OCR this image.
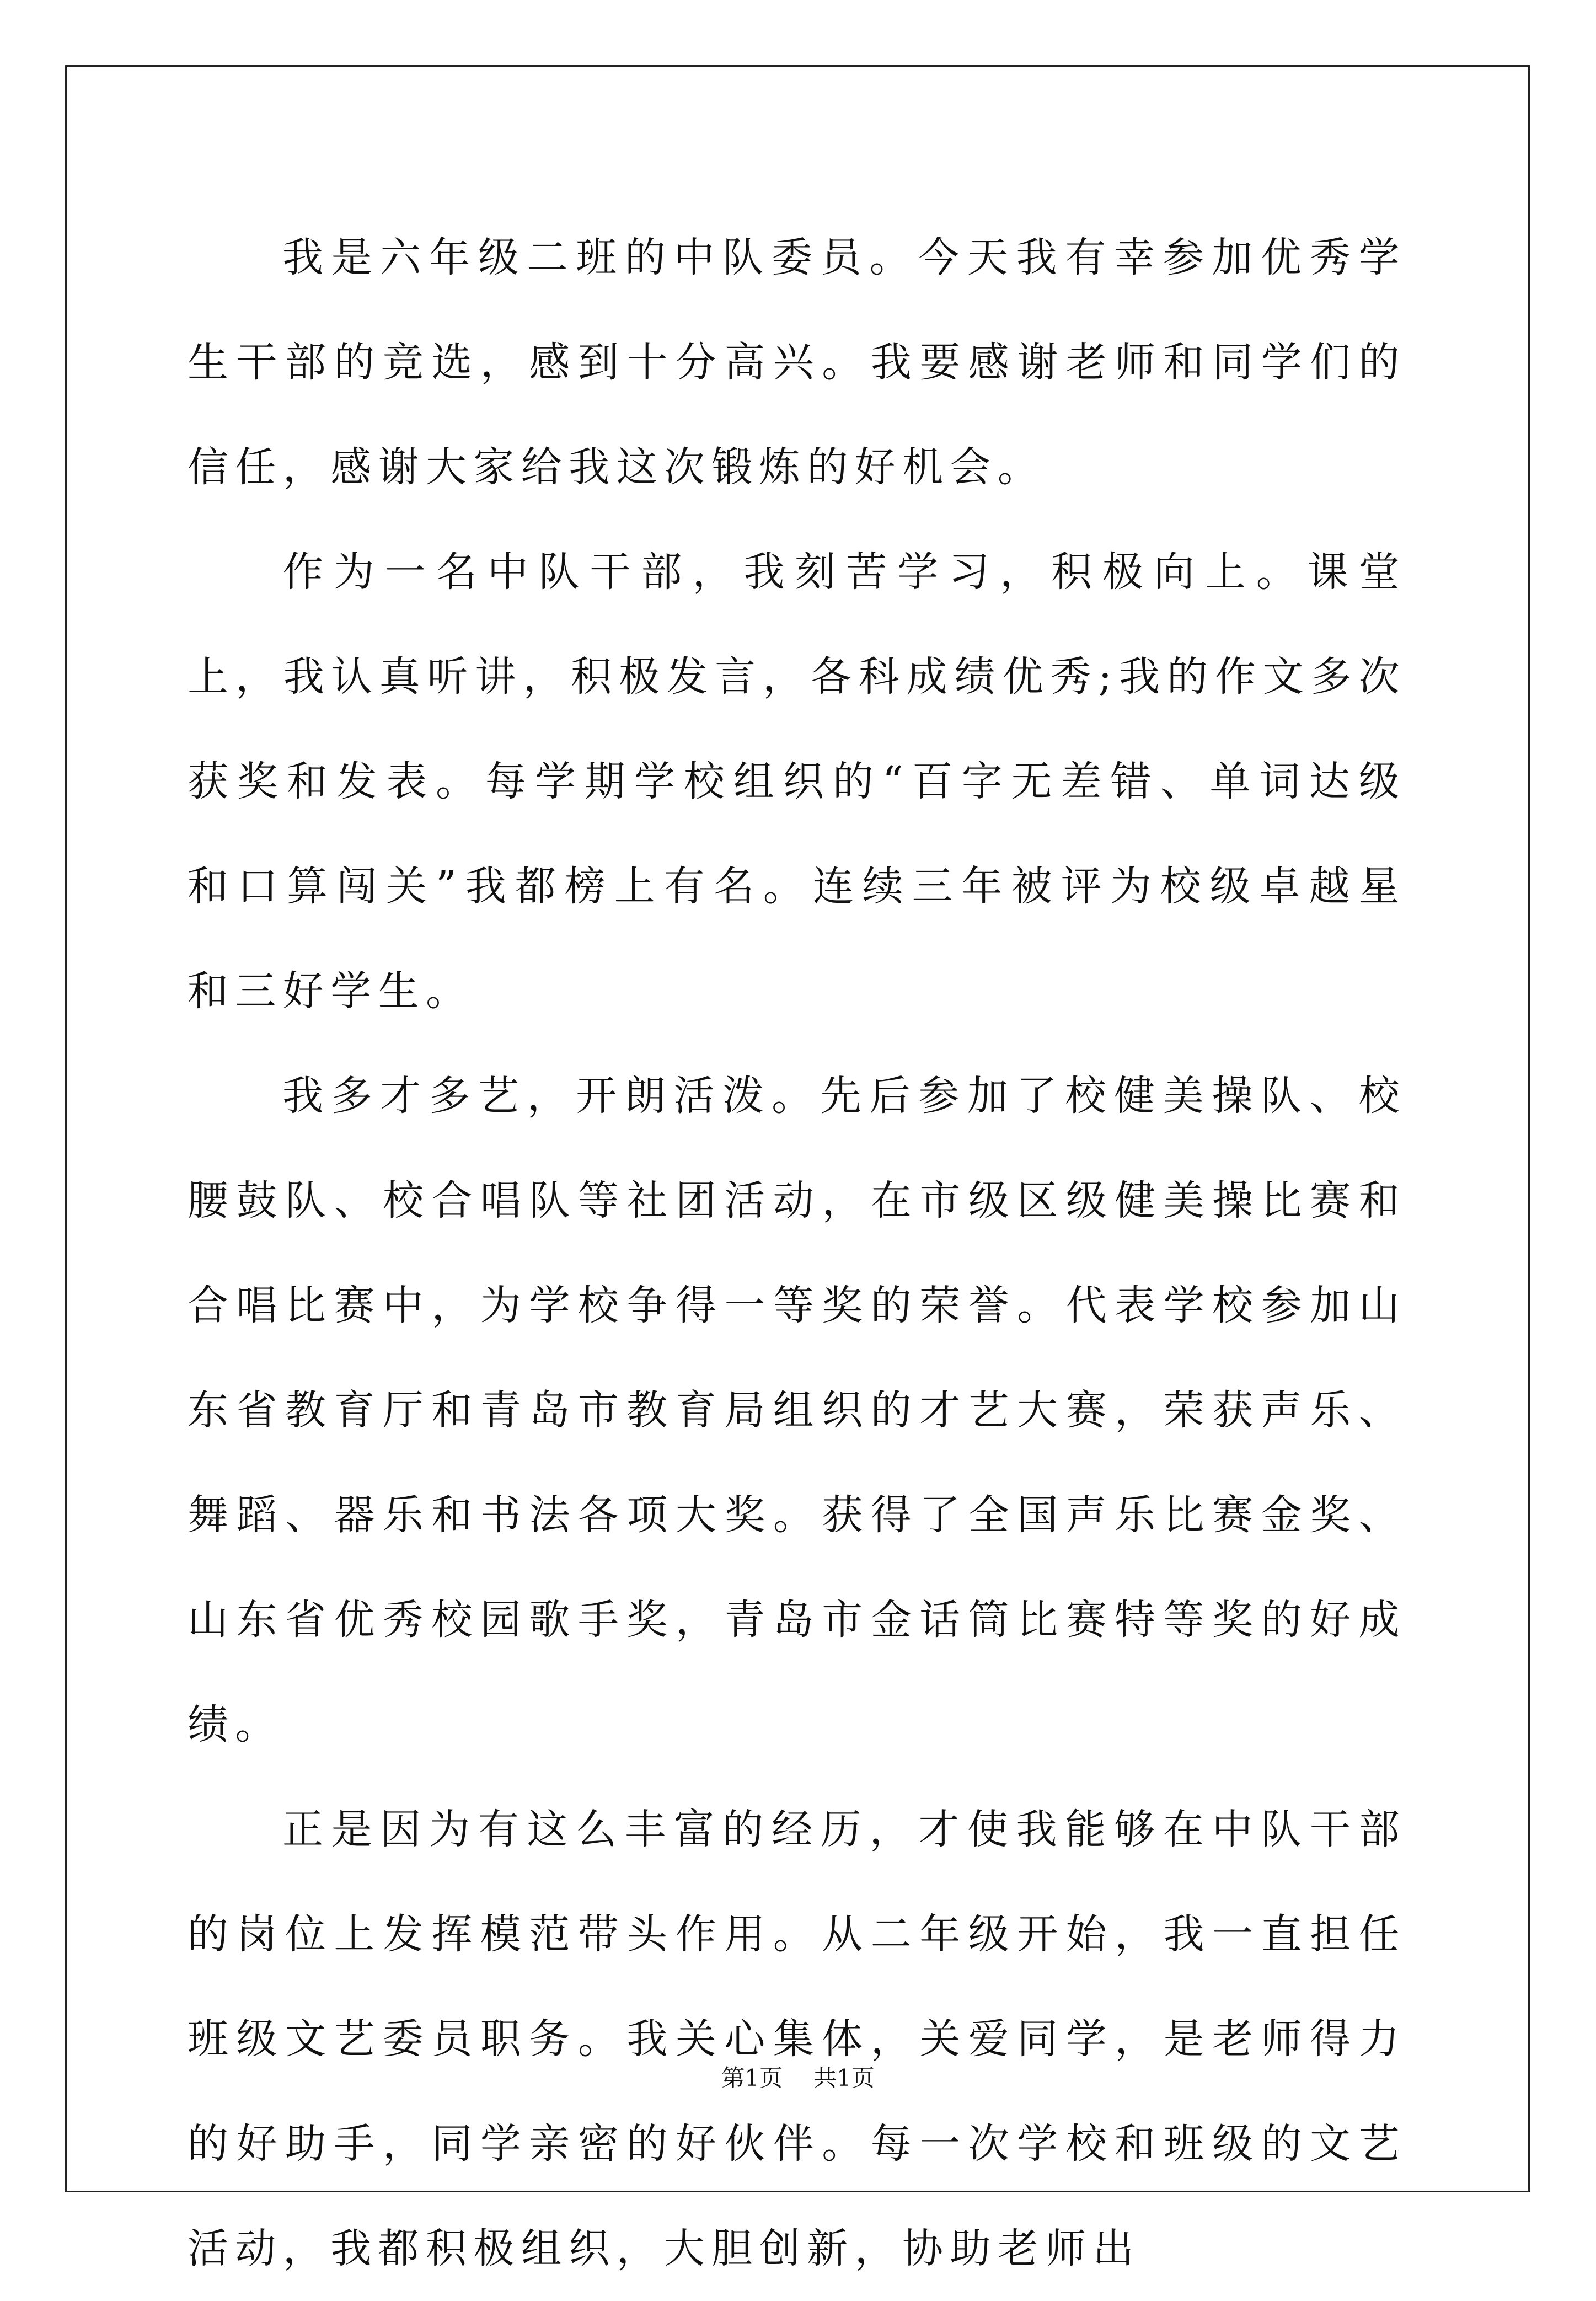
我是六年级二班的中队委员。今天我有幸参加优秀学生干部的竞选，感到十分高兴。我要感谢老师和同学们的信任，感谢大家给我这次锻炼的好机会。

作为一名中队干部，我刻苦学习，积极向上。课堂上，我认真听讲，积极发言，各科成绩优秀;我的作文多次获奖和发表。每学期学校组织的“百字无差错、单词达级和口算闯关”我都榜上有名。连续三年被评为校级卓越星和三好学生。

我多才多艺，开朗活泼。先后参加了校健美操队、校腰鼓队、校合唱队等社团活动，在市级区级健美操比赛和合唱比赛中，为学校争得一等奖的荣誉。代表学校参加山东省教育厅和青岛市教育局组织的才艺大赛，荣获声乐、舞蹈、器乐和书法各项大奖。获得了全国声乐比赛金奖、山东省优秀校园歌手奖，青岛市金话筒比赛特等奖的好成绩。

正是因为有这么丰富的经历，才使我能够在中队干部的岗位上发挥模范带头作用。从二年级开始，我一直担任班级文艺委员职务。我关心集体，关爱同学，是老师得力的好助手，同学亲密的好伙伴。每一次学校和班级的文艺活动，我都积极组织，大胆创新，协助老师出

第1页 共1页
